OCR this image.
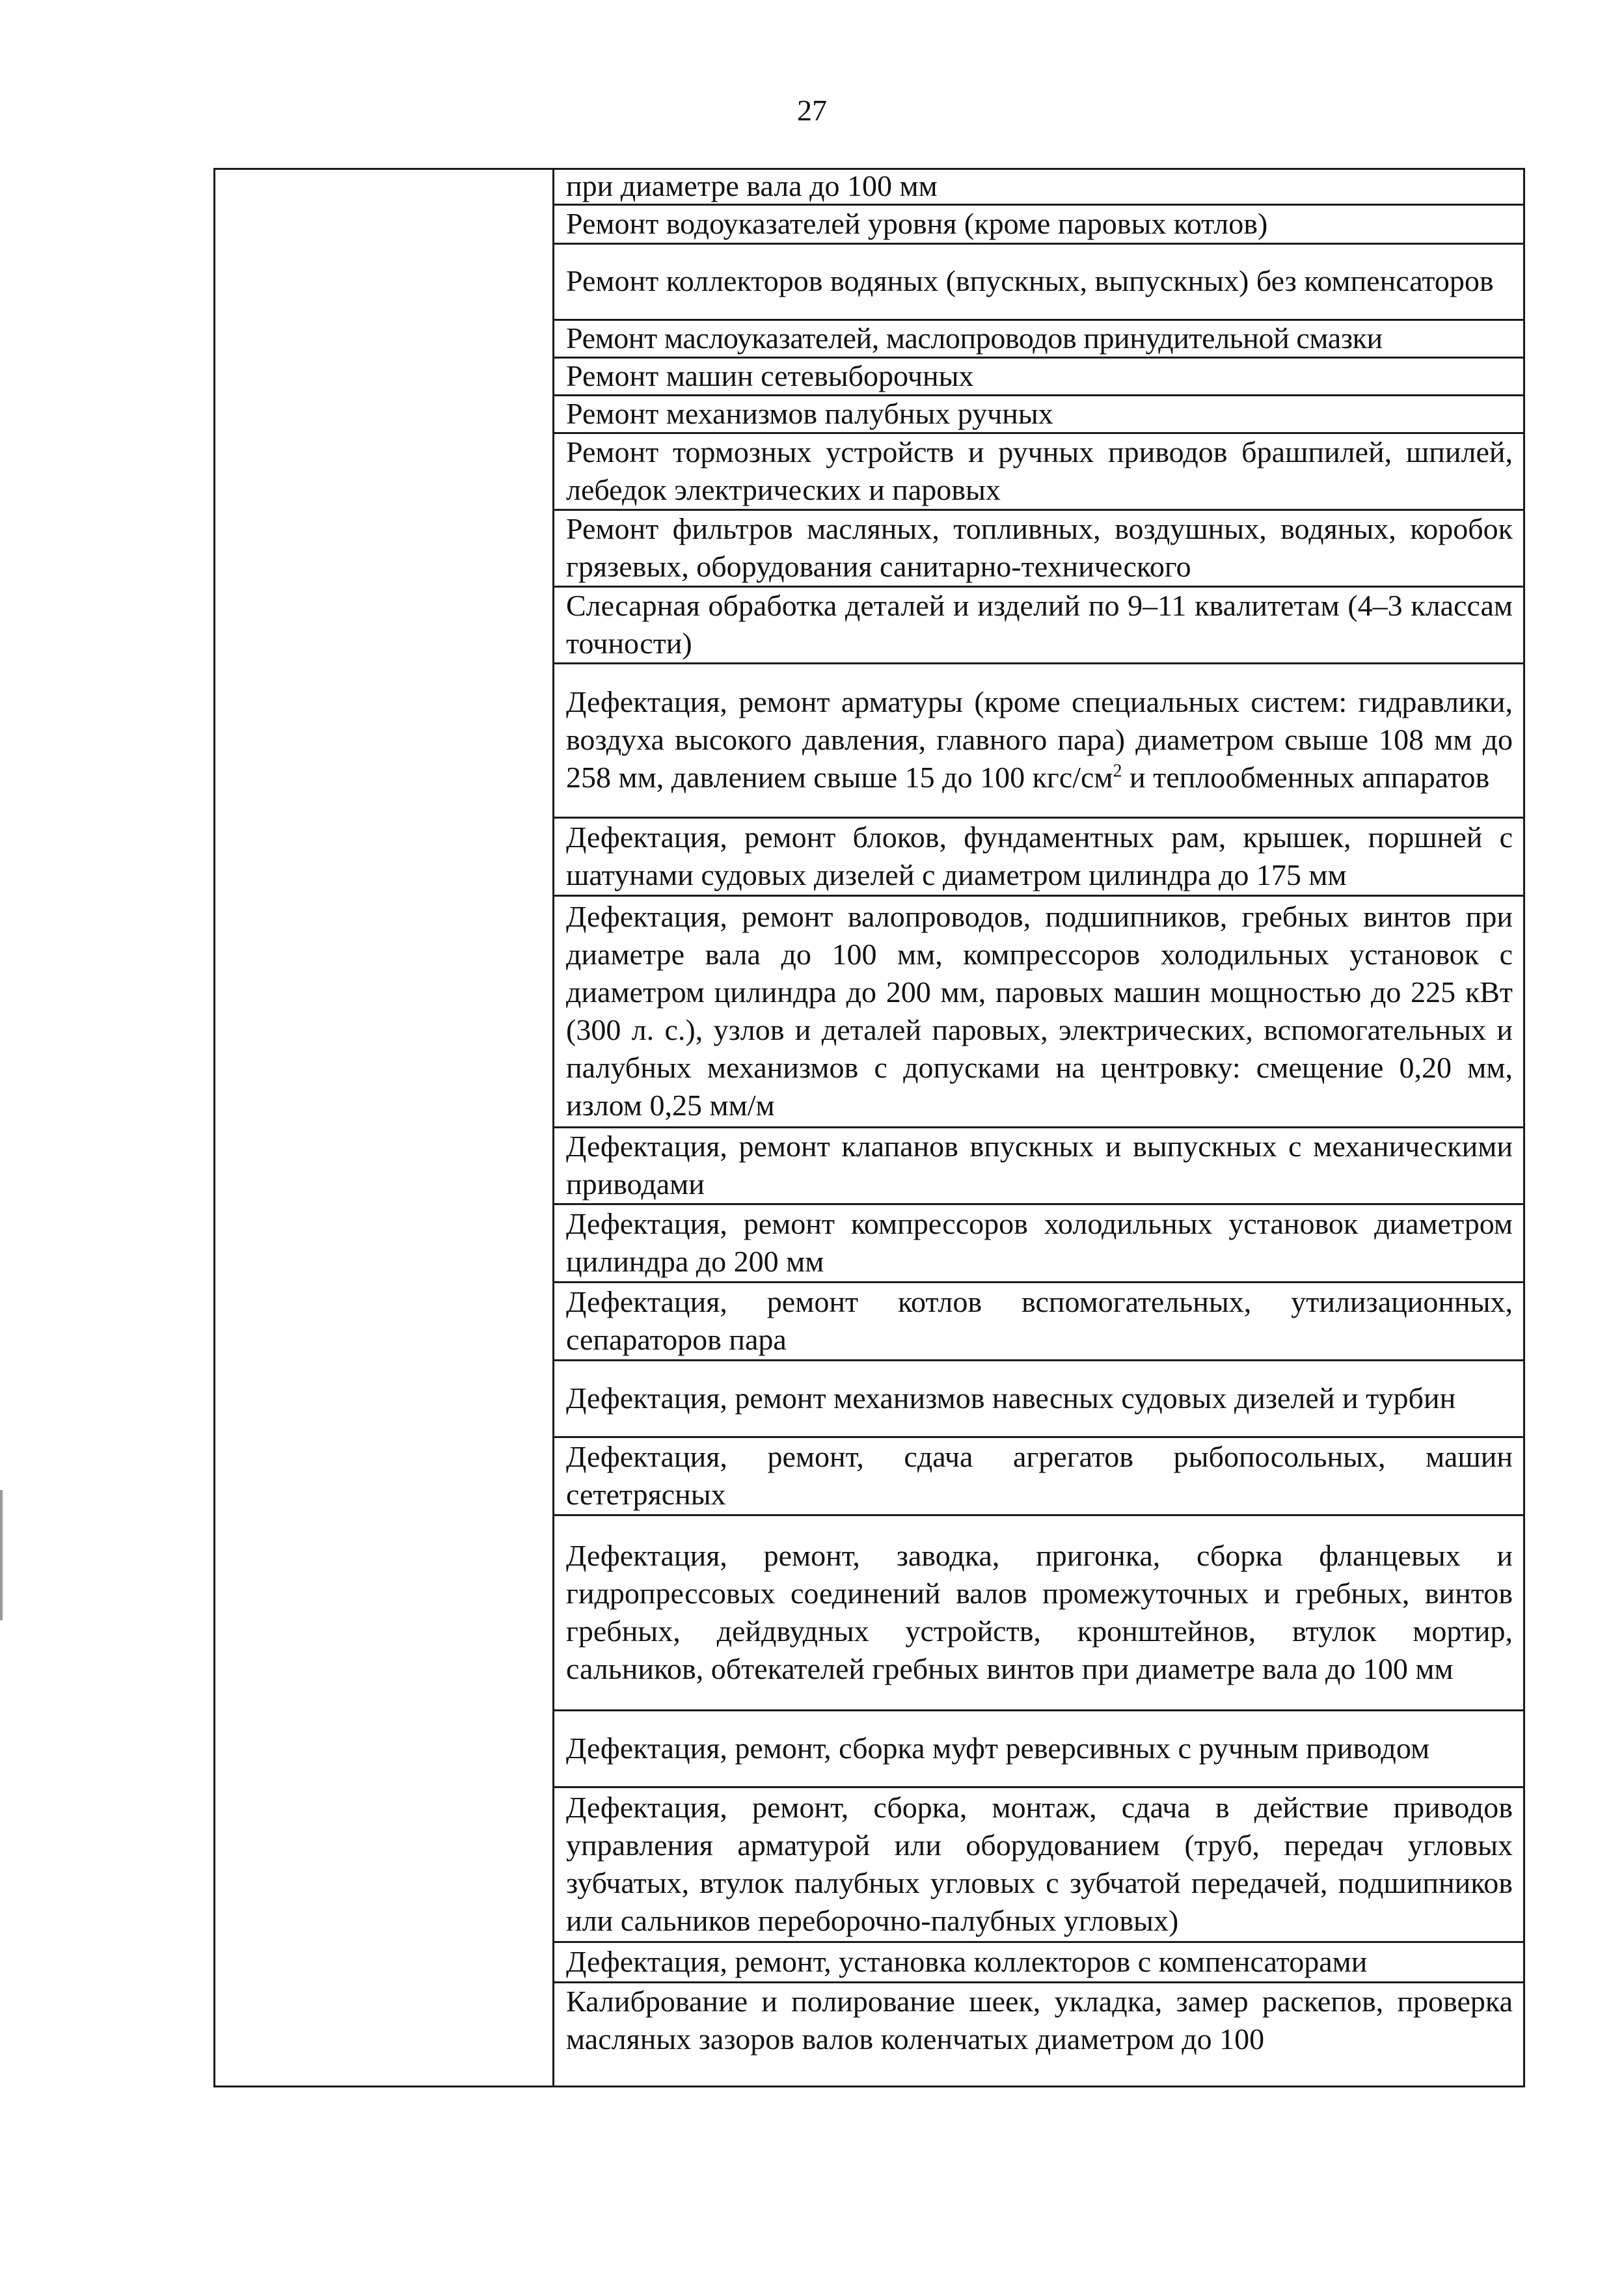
27
при диаметре вала до 100 мм
Ремонт водоуказателей уровня (кроме паровых котлов)
Ремонт коллекторов водяных (впускных, выпускных) без компенсаторов
Ремонт маслоуказателей, маслопроводов принудительной смазки
Ремонт машин сетевыборочных
Ремонт механизмов палубных ручных
Ремонт тормозных устройств и ручных приводов брашпилей, шпилей, лебедок электрических и паровых
Ремонт фильтров масляных, топливных, воздушных, водяных, коробок грязевых, оборудования санитарно-технического
Слесарная обработка деталей и изделий по 9–11 квалитетам (4–3 классам точности)
Дефектация, ремонт арматуры (кроме специальных систем: гидравлики, воздуха высокого давления, главного пара) диаметром свыше 108 мм до 258 мм, давлением свыше 15 до 100 кгс/$см^2$ и теплообменных аппаратов
Дефектация, ремонт блоков, фундаментных рам, крышек, поршней с шатунами судовых дизелей с диаметром цилиндра до 175 мм
Дефектация, ремонт валопроводов, подшипников, гребных винтов при диаметре вала до 100 мм, компрессоров холодильных установок с диаметром цилиндра до 200 мм, паровых машин мощностью до 225 кВт (300 л. с.), узлов и деталей паровых, электрических, вспомогательных и палубных механизмов с допусками на центровку: смещение 0,20 мм, излом 0,25 мм/м
Дефектация, ремонт клапанов впускных и выпускных с механическими приводами
Дефектация, ремонт компрессоров холодильных установок диаметром цилиндра до 200 мм
Дефектация, ремонт котлов вспомогательных, утилизационных, сепараторов пара
Дефектация, ремонт механизмов навесных судовых дизелей и турбин
Дефектация, ремонт, сдача агрегатов рыбопосольных, машин сететрясных
Дефектация, ремонт, заводка, пригонка, сборка фланцевых и гидропрессовых соединений валов промежуточных и гребных, винтов гребных, дейдвудных устройств, кронштейнов, втулок мортир, сальников, обтекателей гребных винтов при диаметре вала до 100 мм
Дефектация, ремонт, сборка муфт реверсивных с ручным приводом
Дефектация, ремонт, сборка, монтаж, сдача в действие приводов управления арматурой или оборудованием (труб, передач угловых зубчатых, втулок палубных угловых с зубчатой передачей, подшипников или сальников переборочно-палубных угловых)
Дефектация, ремонт, установка коллекторов с компенсаторами
Калибрование и полирование шеек, укладка, замер раскепов, проверка масляных зазоров валов коленчатых диаметром до 100
